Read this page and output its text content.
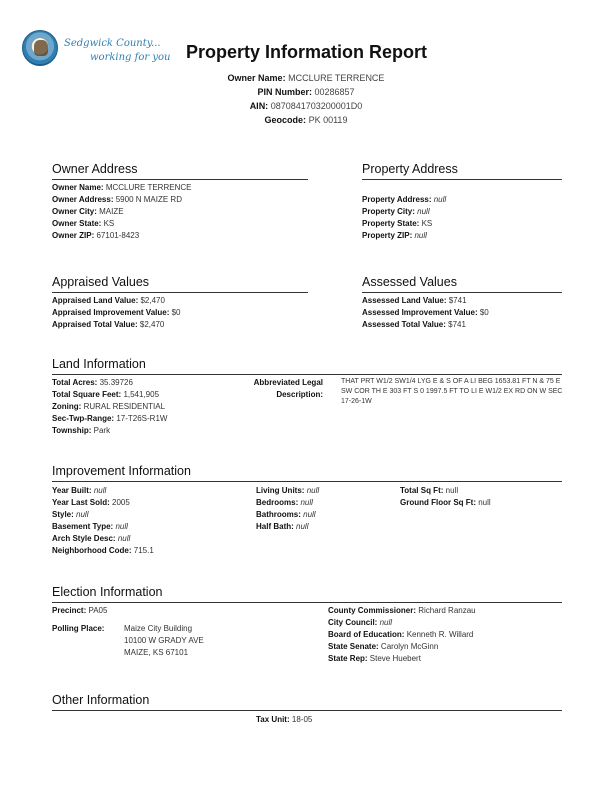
Sedgwick County...
working for you Property Information Report
Owner Name: MCCLURE TERRENCE
PIN Number: 00286857
AIN: 0870841703200001D0
Geocode: PK 00119
Owner Address	Property Address
Owner Name: MCCLURE TERRENCE
Owner Address: 5900 N MAIZE RD
Owner City: MAIZE
Owner State: KS
Owner ZIP: 67101-8423
Property Address: null
Property City: null
Property State: KS
Property ZIP: null
Appraised Values	Assessed Values
Appraised Land Value: $2,470
Appraised Improvement Value: $0
Appraised Total Value: $2,470
Assessed Land Value: $741
Assessed Improvement Value: $0
Assessed Total Value: $741
Land Information
Total Acres: 35.39726
Total Square Feet: 1,541,905
Zoning: RURAL RESIDENTIAL
Sec-Twp-Range: 17-T26S-R1W
Township: Park
Abbreviated Legal
Description:
THAT PRT W1/2 SW1/4 LYG E & S OF A LI BEG 1653.81 FT N & 75 E SW COR TH E 303 FT S 0 1997.5 FT TO LI E W1/2 EX RD ON W SEC 17-26-1W
Improvement Information
Year Built: null
Year Last Sold: 2005
Style: null
Basement Type: null
Arch Style Desc: null
Neighborhood Code: 715.1
Living Units: null
Bedrooms: null
Bathrooms: null
Half Bath: null
Total Sq Ft: null
Ground Floor Sq Ft: null
Election Information
Precinct: PA05
Polling Place: Maize City Building
10100 W GRADY AVE
MAIZE, KS 67101
County Commissioner: Richard Ranzau
City Council: null
Board of Education: Kenneth R. Willard
State Senate: Carolyn McGinn
State Rep: Steve Huebert
Other Information
Tax Unit: 18-05
